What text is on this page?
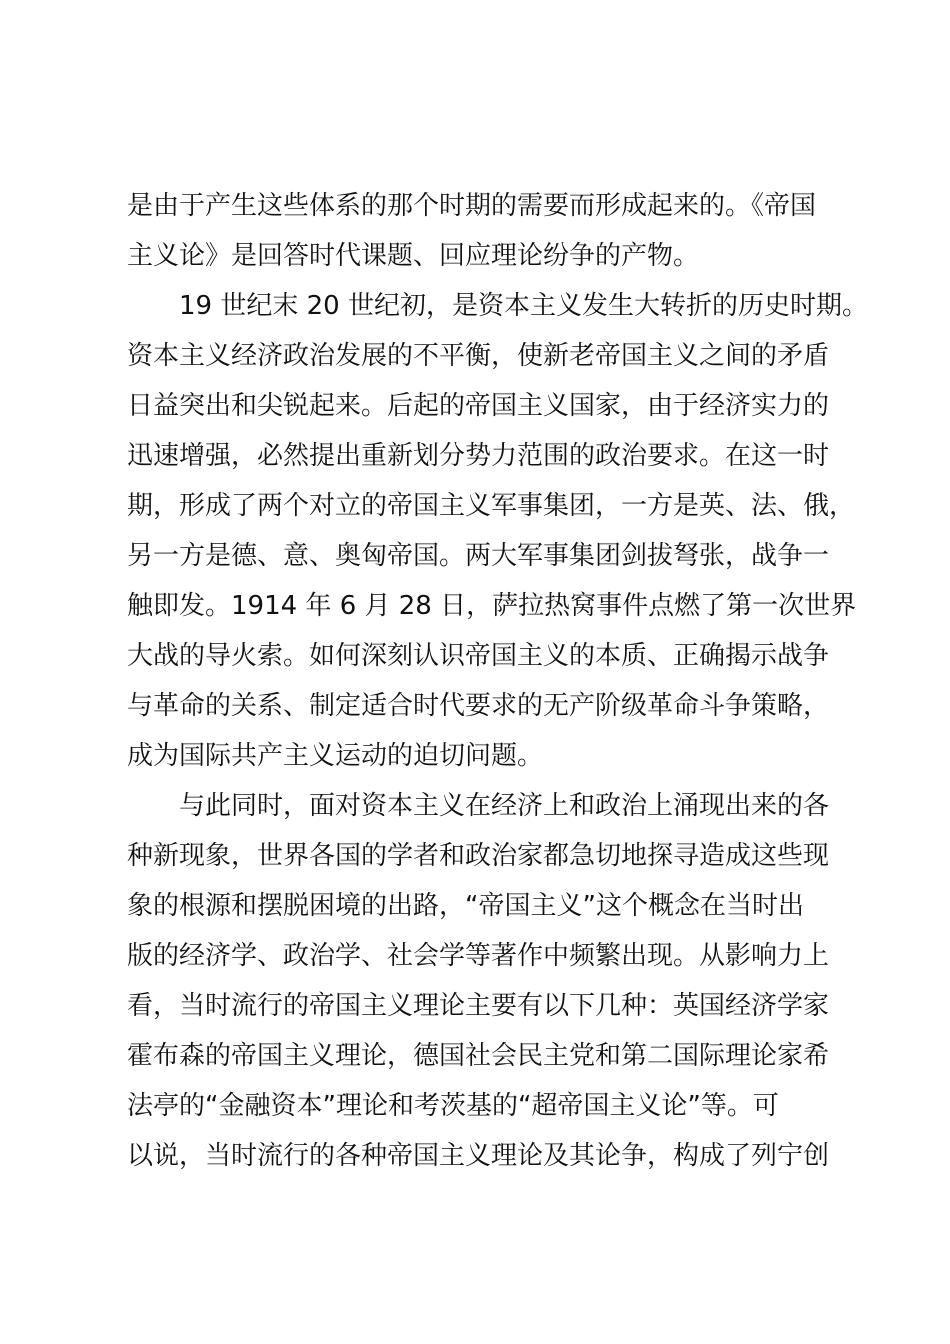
是由于产生这些体系的那个时期的需要而形成起来的。《帝国
主义论》是回答时代课题、回应理论纷争的产物。
19 世纪末 20 世纪初，是资本主义发生大转折的历史时期。
资本主义经济政治发展的不平衡，使新老帝国主义之间的矛盾
日益突出和尖锐起来。后起的帝国主义国家，由于经济实力的
迅速增强，必然提出重新划分势力范围的政治要求。在这一时
期，形成了两个对立的帝国主义军事集团，一方是英、法、俄，
另一方是德、意、奥匈帝国。两大军事集团剑拔弩张，战争一
触即发。1914 年 6 月 28 日，萨拉热窝事件点燃了第一次世界
大战的导火索。如何深刻认识帝国主义的本质、正确揭示战争
与革命的关系、制定适合时代要求的无产阶级革命斗争策略，
成为国际共产主义运动的迫切问题。
与此同时，面对资本主义在经济上和政治上涌现出来的各
种新现象，世界各国的学者和政治家都急切地探寻造成这些现
象的根源和摆脱困境的出路，“帝国主义”这个概念在当时出
版的经济学、政治学、社会学等著作中频繁出现。从影响力上
看，当时流行的帝国主义理论主要有以下几种：英国经济学家
霍布森的帝国主义理论，德国社会民主党和第二国际理论家希
法亭的“金融资本”理论和考茨基的“超帝国主义论”等。可
以说，当时流行的各种帝国主义理论及其论争，构成了列宁创
